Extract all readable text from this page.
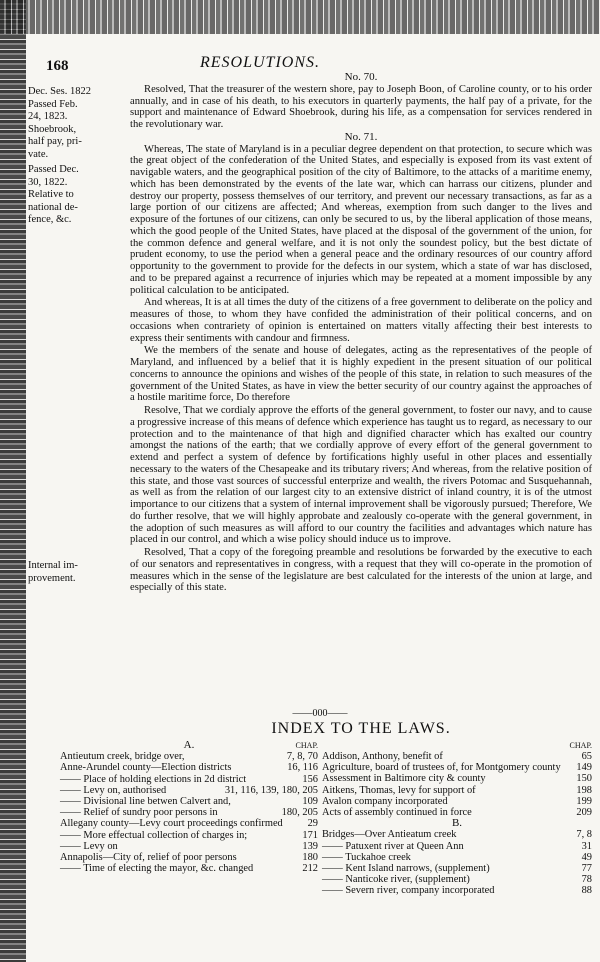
168	RESOLUTIONS.
Dec. Ses. 1822
Passed Feb.
24, 1823.
Shoebrook,
half pay, pri-
vate.
Passed Dec.
30, 1822.
Relative to
national de-
fence, &c.
Internal im-
provement.

No. 70.

Resolved, That the treasurer of the western shore, pay to Joseph Boon, of Caroline county, or to his order annually, and in case of his death, to his executors in quarterly payments, the half pay of a private, for the support and maintenance of Edward Shoebrook, during his life, as a compensation for services rendered in the revolutionary war.

No. 71.

Whereas, The state of Maryland is in a peculiar degree dependent on that protection, to secure which was the great object of the confederation of the United States, and especially is exposed from its vast extent of navigable waters, and the geographical position of the city of Baltimore, to the attacks of a maritime enemy, which has been demonstrated by the events of the late war, which can harrass our citizens, plunder and destroy our property, possess themselves of our territory, and prevent our necessary transactions, as far as a large portion of our citizens are affected; And whereas, exemption from such danger to the lives and exposure of the fortunes of our citizens, can only be secured to us, by the liberal application of those means, which the good people of the United States, have placed at the disposal of the government of the union, for the common defence and general welfare, and it is not only the soundest policy, but the best dictate of prudent economy, to use the period when a general peace and the ordinary resources of our country afford opportunity to the government to provide for the defects in our system, which a state of war has disclosed, and to be prepared against a recurrence of injuries which may be repeated at a moment impossible by any political calculation to be anticipated.

And whereas, It is at all times the duty of the citizens of a free government to deliberate on the policy and measures of those, to whom they have confided the administration of their political concerns, and on occasions when contrariety of opinion is entertained on matters vitally affecting their best interests to express their sentiments with candour and firmness.

We the members of the senate and house of delegates, acting as the representatives of the people of Maryland, and influenced by a belief that it is highly expedient in the present situation of our political concerns to announce the opinions and wishes of the people of this state, in relation to such measures of the government of the United States, as have in view the better security of our country against the approaches of a hostile maritime force, Do therefore

Resolve, That we cordialy approve the efforts of the general government, to foster our navy, and to cause a progressive increase of this means of defence which experience has taught us to regard, as necessary to our protection and to the maintenance of that high and dignified character which has exalted our country amongst the nations of the earth; that we cordially approve of every effort of the general government to extend and perfect a system of defence by fortifications highly useful in other places and essentially necessary to the waters of the Chesapeake and its tributary rivers; And whereas, from the relative position of this state, and those vast sources of successful enterprize and wealth, the rivers Potomac and Susquehannah, as well as from the relation of our largest city to an extensive district of inland country, it is of the utmost importance to our citizens that a system of internal improvement shall be vigorously pursued; Therefore, We do further resolve, that we will highly approbate and zealously co-operate with the general government, in the adoption of such measures as will afford to our country the facilities and advantages which nature has placed in our control, and which a wise policy should induce us to improve.

Resolved, That a copy of the foregoing preamble and resolutions be forwarded by the executive to each of our senators and representatives in congress, with a request that they will co-operate in the promotion of measures which in the sense of the legislature are best calculated for the interests of the union at large, and especially of this state.

——000——
INDEX TO THE LAWS.
CHAP.
A.
Antieutum creek, bridge over,	7, 8, 70
Anne-Arundel county—Election districts	16, 116
—— Place of holding elections in 2d district	156
—— Levy on, authorised	31, 116, 139, 180, 205
—— Divisional line betwen Calvert and,	109
—— Relief of sundry poor persons in	180, 205
Allegany county—Levy court proceedings confirmed	29
—— More effectual collection of charges in;	171
—— Levy on	139
Annapolis—City of, relief of poor persons	180
—— Time of electing the mayor, &c. changed	212
CHAP.
Addison, Anthony, benefit of	65
Agriculture, board of trustees of, for Montgomery county	149
Assessment in Baltimore city & county	150
Aitkens, Thomas, levy for support of	198
Avalon company incorporated	199
Acts of assembly continued in force	209
B.
Bridges—Over Antieatum creek	7, 8
—— Patuxent river at Queen Ann	31
—— Tuckahoe creek	49
—— Kent Island narrows, (supplement)	77
—— Nanticoke river, (supplement)	78
—— Severn river, company incorporated	88
